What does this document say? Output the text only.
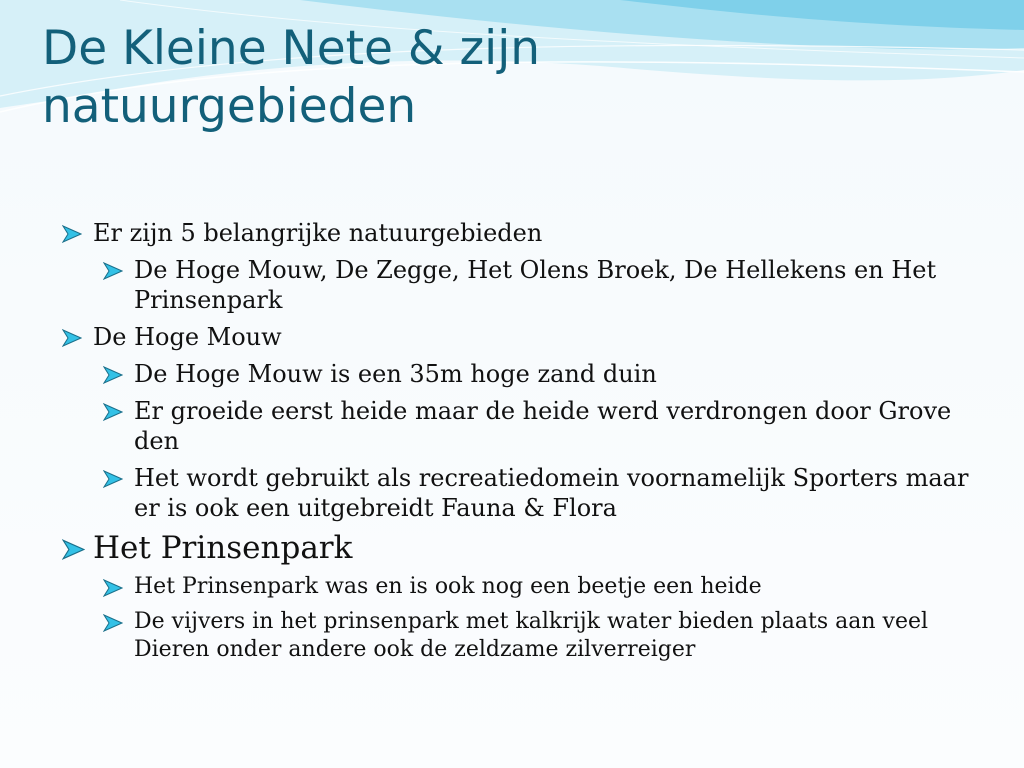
De Kleine Nete & zijn natuurgebieden
Er zijn 5 belangrijke natuurgebieden
De Hoge Mouw, De Zegge, Het Olens Broek, De Hellekens en Het Prinsenpark
De Hoge Mouw
De Hoge Mouw is een 35m hoge zand duin
Er groeide eerst heide maar de heide werd verdrongen door Grove den
Het wordt gebruikt als recreatiedomein voornamelijk Sporters maar er is ook een uitgebreidt Fauna & Flora
Het Prinsenpark
Het Prinsenpark was en is ook nog een beetje een heide
De vijvers in het prinsenpark met kalkrijk water bieden plaats aan veel Dieren onder andere ook de zeldzame zilverreiger
